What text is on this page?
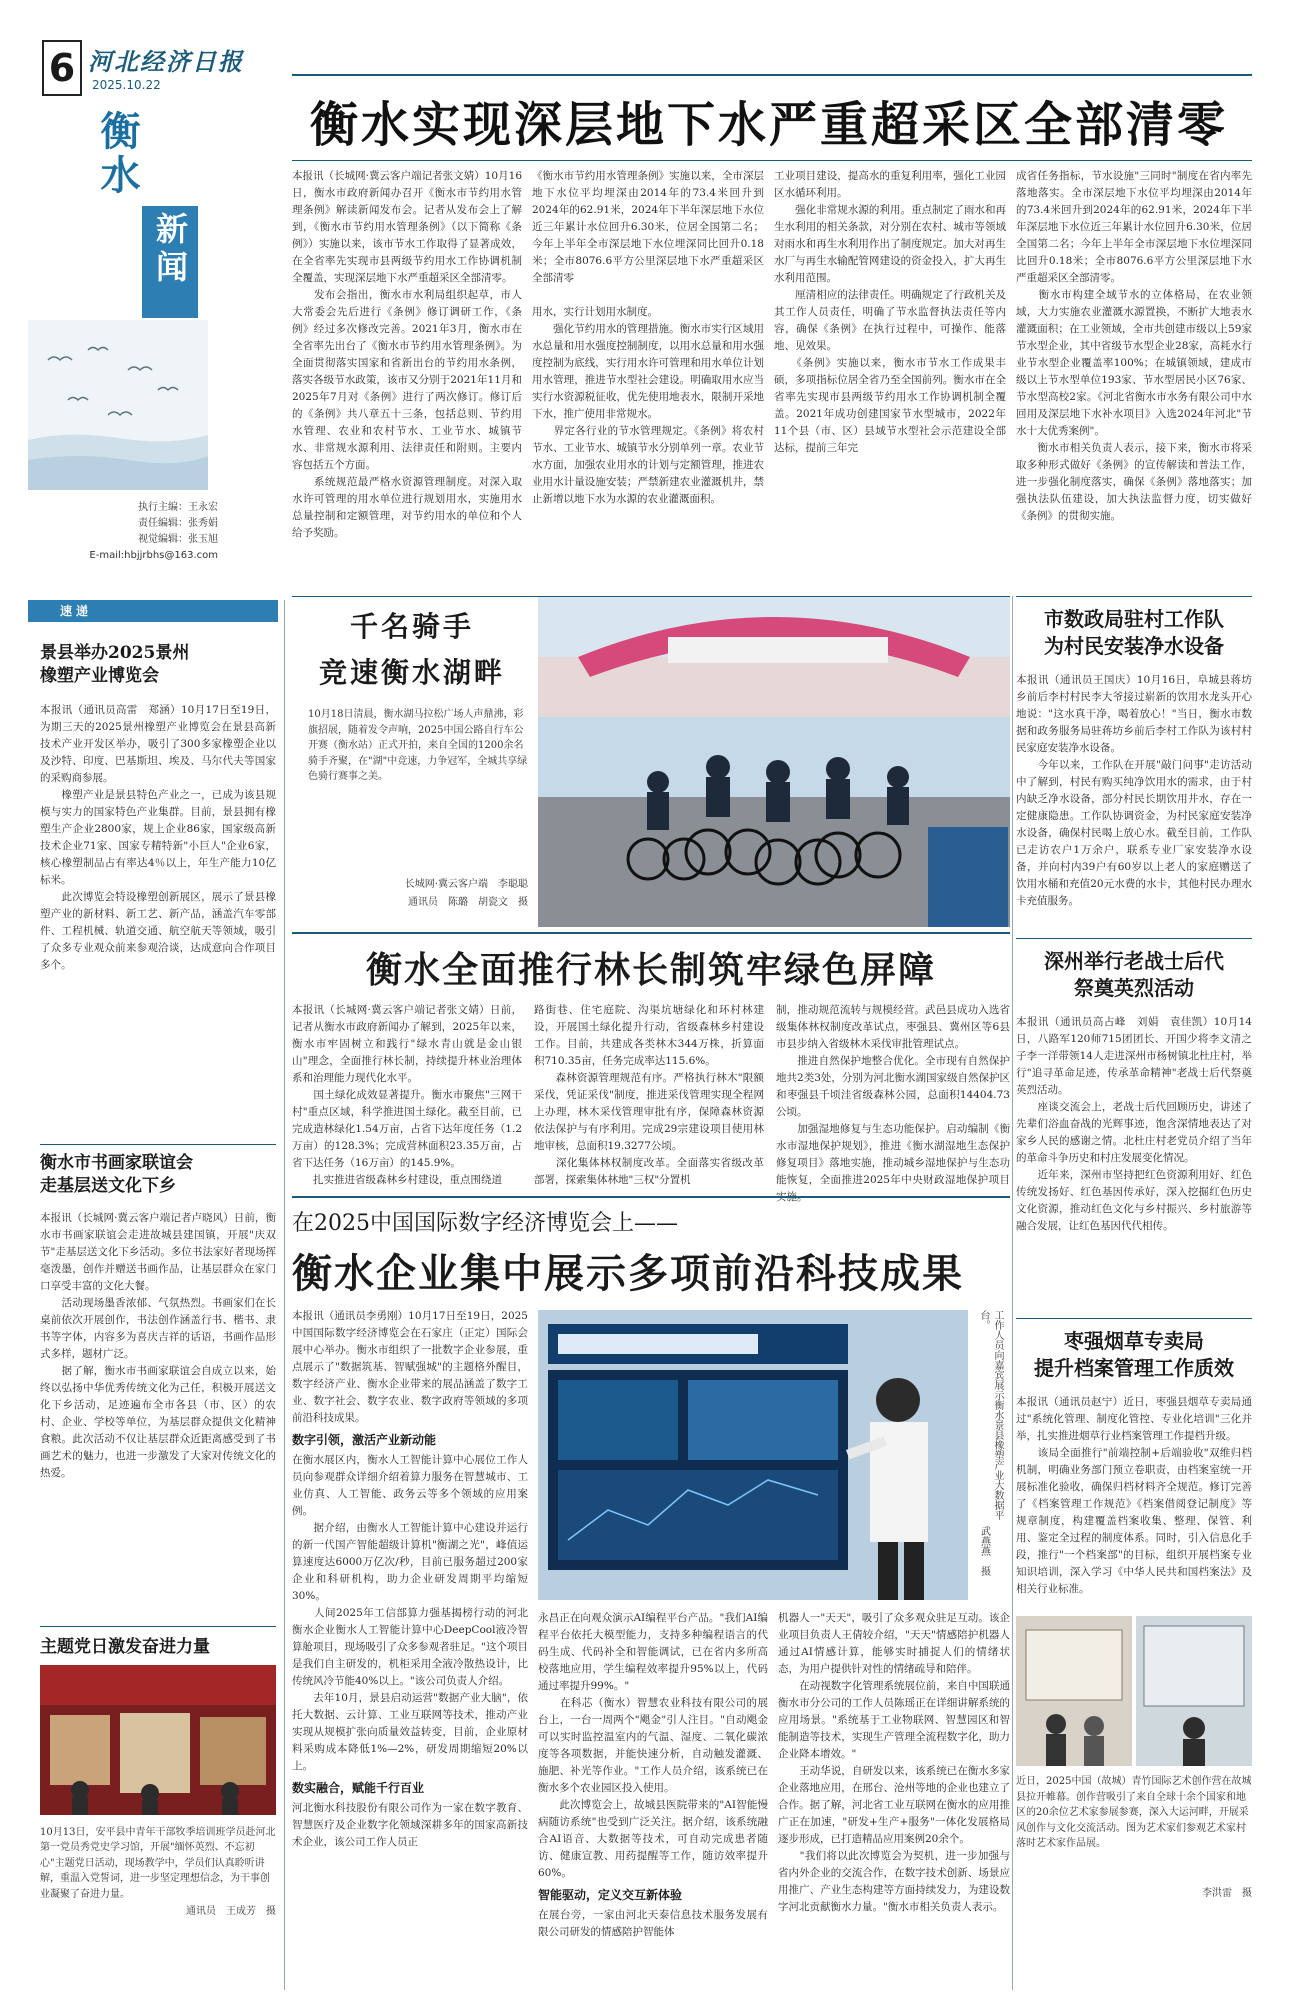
6 河北经济日报
2025.10.22
衡水
新闻
执行主编：王永宏
责任编辑：张秀娟
视觉编辑：张玉旭
E-mail:hbjjrbhs@163.com
速递

景县举办2025景州
橡塑产业博览会

本报讯（通讯员高雷　郑涵）10月17日至19日，为期三天的2025景州橡塑产业博览会在景县高新技术产业开发区举办，吸引了300多家橡塑企业以及沙特、印度、巴基斯坦、埃及、马尔代夫等国家的采购商参展。
　　橡塑产业是景县特色产业之一，已成为该县规模与实力的国家特色产业集群。目前，景县拥有橡塑生产企业2800家，规上企业86家，国家级高新技术企业71家、国家专精特新"小巨人"企业6家，核心橡塑制品占有率达4％以上，年生产能力10亿标米。
　　此次博览会特设橡塑创新展区，展示了景县橡塑产业的新材料、新工艺、新产品，涵盖汽车零部件、工程机械、轨道交通、航空航天等领域，吸引了众多专业观众前来参观洽谈，达成意向合作项目多个。

衡水市书画家联谊会
走基层送文化下乡

本报讯（长城网·冀云客户端记者卢晓风）日前，衡水市书画家联谊会走进故城县建国镇，开展"庆双节"走基层送文化下乡活动。多位书法家好者现场挥毫泼墨，创作并赠送书画作品，让基层群众在家门口享受丰富的文化大餐。
　　活动现场墨香浓郁、气氛热烈。书画家们在长桌前依次开展创作，书法创作涵盖行书、楷书、隶书等字体，内容多为喜庆吉祥的话语，书画作品形式多样，题材广泛。
　　据了解，衡水市书画家联谊会自成立以来，始终以弘扬中华优秀传统文化为己任，积极开展送文化下乡活动，足迹遍布全市各县（市、区）的农村、企业、学校等单位，为基层群众提供文化精神食粮。此次活动不仅让基层群众近距离感受到了书画艺术的魅力，也进一步激发了大家对传统文化的热爱。

主题党日激发奋进力量

10月13日，安平县中青年干部牧季培训班学员赴河北第一党员秀党史学习馆，开展"缅怀英烈、不忘初心"主题党日活动，现场教学中，学员们认真聆听讲解，重温入党誓词，进一步坚定理想信念，为干事创业凝聚了奋进力量。

通讯员　王成芳　摄

衡水实现深层地下水严重超采区全部清零

本报讯（长城网·冀云客户端记者张文婧）10月16日，衡水市政府新闻办召开《衡水市节约用水管理条例》解读新闻发布会。记者从发布会上了解到，《衡水市节约用水管理条例》（以下简称《条例》）实施以来，该市节水工作取得了显著成效，在全省率先实现市县两级节约用水工作协调机制全覆盖，实现深层地下水严重超采区全部清零。
　　发布会指出，衡水市水利局组织起草，市人大常委会先后进行《条例》修订调研工作，《条例》经过多次修改完善。2021年3月，衡水市在全省率先出台了《衡水市节约用水管理条例》。为全面贯彻落实国家和省新出台的节约用水条例，落实各级节水政策，该市又分别于2021年11月和2025年7月对《条例》进行了两次修订。修订后的《条例》共八章五十三条，包括总则、节约用水管理、农业和农村节水、工业节水、城镇节水、非常规水源利用、法律责任和附则。主要内容包括五个方面。
　　系统规范最严格水资源管理制度。对深入取水许可管理的用水单位进行规划用水，实施用水总量控制和定额管理，对节约用水的单位和个人给予奖励。

《衡水市节约用水管理条例》实施以来，全市深层地下水位平均埋深由2014年的73.4米回升到2024年的62.91米，2024年下半年深层地下水位近三年累计水位回升6.30米，位居全国第二名；今年上半年全市深层地下水位埋深同比回升0.18米；全市8076.6平方公里深层地下水严重超采区全部清零

用水，实行计划用水制度。
　　强化节约用水的管理措施。衡水市实行区域用水总量和用水强度控制制度，以用水总量和用水强度控制为底线，实行用水许可管理和用水单位计划用水管理，推进节水型社会建设。明确取用水应当实行水资源税征收，优先使用地表水，限制开采地下水，推广使用非常规水。
　　界定各行业的节水管理规定。《条例》将农村节水、工业节水、城镇节水分别单列一章。农业节水方面，加强农业用水的计划与定额管理，推进农业用水计量设施安装；严禁新建农业灌溉机井，禁止新增以地下水为水源的农业灌溉面积。

工业项目建设，提高水的重复利用率，强化工业园区水循环利用。
　　强化非常规水源的利用。重点制定了雨水和再生水利用的相关条款，对分别在农村、城市等领域对雨水和再生水利用作出了制度规定。加大对再生水厂与再生水输配管网建设的资金投入，扩大再生水利用范围。
　　厘清相应的法律责任。明确规定了行政机关及其工作人员责任，明确了节水监督执法责任等内容，确保《条例》在执行过程中，可操作、能落地、见效果。
　　《条例》实施以来，衡水市节水工作成果丰硕，多项指标位居全省乃至全国前列。衡水市在全省率先实现市县两级节约用水工作协调机制全覆盖。2021年成功创建国家节水型城市，2022年11个县（市、区）县域节水型社会示范建设全部达标，提前三年完

成省任务指标，节水设施"三同时"制度在省内率先落地落实。全市深层地下水位平均埋深由2014年的73.4米回升到2024年的62.91米，2024年下半年深层地下水位近三年累计水位回升6.30米，位居全国第二名；今年上半年全市深层地下水位埋深同比回升0.18米；全市8076.6平方公里深层地下水严重超采区全部清零。
　　衡水市构建全域节水的立体格局，在农业领域，大力实施农业灌溉水源置换，不断扩大地表水灌溉面积；在工业领域，全市共创建市级以上59家节水型企业，其中省级节水型企业28家，高耗水行业节水型企业覆盖率100%；在城镇领域，建成市级以上节水型单位193家、节水型居民小区76家、节水型高校2家。《河北省衡水市水务有限公司中水回用及深层地下水补水项目》入选2024年河北"节水十大优秀案例"。
　　衡水市相关负责人表示，接下来，衡水市将采取多种形式做好《条例》的宣传解读和普法工作，进一步强化制度落实，确保《条例》落地落实；加强执法队伍建设，加大执法监督力度，切实做好《条例》的贯彻实施。

千名骑手
竞速衡水湖畔

10月18日清晨，衡水湖马拉松广场人声鼎沸，彩旗招展，随着发令声响，2025中国公路自行车公开赛（衡水站）正式开拍，来自全国的1200余名骑手齐聚，在"湖"中竞速，力争冠军，全城共享绿色骑行赛事之美。

长城网·冀云客户端　李聪聪

通讯员　陈璐　胡瓷文　摄

市数政局驻村工作队
为村民安装净水设备

本报讯（通讯员王国庆）10月16日，阜城县蒋坊乡前后李村村民李大爷接过崭新的饮用水龙头开心地说："这水真干净，喝着放心！"当日，衡水市数据和政务服务局驻蒋坊乡前后李村工作队为该村村民家庭安装净水设备。
　　今年以来，工作队在开展"敲门问事"走访活动中了解到，村民有购买纯净饮用水的需求，由于村内缺乏净水设备，部分村民长期饮用井水，存在一定健康隐患。工作队协调资金，为村民家庭安装净水设备，确保村民喝上放心水。截至目前，工作队已走访农户1万余户，联系专业厂家安装净水设备，并向村内39户有60岁以上老人的家庭赠送了饮用水桶和充值20元水费的水卡，其他村民办理水卡充值服务。

深州举行老战士后代
祭奠英烈活动

本报讯（通讯员高占峰　刘娟　袁佳凯）10月14日，八路军120师715团团长、开国少将李文清之子李一洋带领14人走进深州市杨树镇北杜庄村，举行"追寻革命足迹，传承革命精神"老战士后代祭奠英烈活动。
　　座谈交流会上，老战士后代回顾历史，讲述了先辈们浴血奋战的光辉事迹，饱含深情地表达了对家乡人民的感谢之情。北杜庄村老党员介绍了当年的革命斗争历史和村庄发展变化情况。
　　近年来，深州市坚持把红色资源利用好、红色传统发扬好、红色基因传承好，深入挖掘红色历史文化资源，推动红色文化与乡村振兴、乡村旅游等融合发展，让红色基因代代相传。

枣强烟草专卖局
提升档案管理工作质效

本报讯（通讯员赵宁）近日，枣强县烟草专卖局通过"系统化管理、制度化管控、专业化培训"三化并举，扎实推进烟草行业档案管理工作提档升级。
　　该局全面推行"前端控制+后端验收"双维归档机制，明确业务部门预立卷职责，由档案室统一开展标准化验收，确保归档材料齐全规范。修订完善了《档案管理工作规范》《档案借阅登记制度》等规章制度，构建覆盖档案收集、整理、保管、利用、鉴定全过程的制度体系。同时，引入信息化手段，推行"一个档案部"的目标，组织开展档案专业知识培训，深入学习《中华人民共和国档案法》及相关行业标准。

近日，2025中国（故城）青竹国际艺术创作营在故城县拉开帷幕。创作营吸引了来自全球十余个国家和地区的20余位艺术家参展参赛，深入大运河畔，开展采风创作与文化交流活动。图为艺术家们参观艺术家村落时艺术家作品展。

李洪雷　摄

衡水全面推行林长制筑牢绿色屏障

本报讯（长城网·冀云客户端记者张文婧）日前，记者从衡水市政府新闻办了解到，2025年以来，衡水市牢固树立和践行"绿水青山就是金山银山"理念，全面推行林长制，持续提升林业治理体系和治理能力现代化水平。
　　国土绿化成效显著提升。衡水市聚焦"三网干村"重点区域，科学推进国土绿化。截至目前，已完成造林绿化1.54万亩，占省下达年度任务（1.2万亩）的128.3%；完成营林面积23.35万亩，占省下达任务（16万亩）的145.9%。
　　扎实推进省级森林乡村建设，重点围绕道

路街巷、住宅庭院、沟渠坑塘绿化和环村林建设，开展国土绿化提升行动，省级森林乡村建设工作。目前，共建成各类林木344万株，折算面积710.35亩，任务完成率达115.6%。
　　森林资源管理规范有序。严格执行林木"限额采伐，凭证采伐"制度，推进采伐管理实现全程网上办理，林木采伐管理审批有序，保障森林资源依法保护与有序利用。完成29宗建设项目使用林地审核，总面积19.3277公顷。
　　深化集体林权制度改革。全面落实省级改革部署，探索集体林地"三权"分置机

制，推动规范流转与规模经营。武邑县成功入选省级集体林权制度改革试点，枣强县、冀州区等6县市县步纳入省级林木采伐审批管理试点。
　　推进自然保护地整合优化。全市现有自然保护地共2类3处，分别为河北衡水湖国家级自然保护区和枣强县千顷洼省级森林公园，总面积14404.73公顷。
　　加强湿地修复与生态功能保护。启动编制《衡水市湿地保护规划》，推进《衡水湖湿地生态保护修复项目》落地实施，推动城乡湿地保护与生态功能恢复，全面推进2025年中央财政湿地保护项目实施。

在2025中国国际数字经济博览会上——
衡水企业集中展示多项前沿科技成果

本报讯（通讯员李勇刚）10月17日至19日，2025中国国际数字经济博览会在石家庄（正定）国际会展中心举办。衡水市组织了一批数字企业参展，重点展示了"数据筑基、智赋强城"的主题格外醒目，数字经济产业、衡水企业带来的展品涵盖了数字工业、数字社会、数字农业、数字政府等领域的多项前沿科技成果。

数字引领，激活产业新动能

在衡水展区内，衡水人工智能计算中心展位工作人员向参观群众详细介绍着算力服务在智慧城市、工业仿真、人工智能、政务云等多个领域的应用案例。
　　据介绍，由衡水人工智能计算中心建设并运行的新一代国产智能超级计算机"衡湖之光"，峰值运算速度达6000万亿次/秒，目前已服务超过200家企业和科研机构，助力企业研发周期平均缩短30%。
　　人间2025年工信部算力强基揭榜行动的河北衡水企业衡水人工智能计算中心DeepCool液冷智算舱项目，现场吸引了众多参观者驻足。"这个项目是我们自主研发的，机柜采用全液冷散热设计，比传统风冷节能40%以上。"该公司负责人介绍。
　　去年10月，景县启动运营"数据产业大脑"，依托大数据、云计算、工业互联网等技术，推动产业实现从规模扩张向质量效益转变，目前，企业原材料采购成本降低1%—2%，研发周期缩短20%以上。

数实融合，赋能千行百业

河北衡水科技股份有限公司作为一家在数字教育、智慧医疗及企业数字化领域深耕多年的国家高新技术企业，该公司工作人员正

工作人员向嘉宾展示衡水景县橡塑产业大数据平台。
武燕燕　摄

永昌正在向观众演示AI编程平台产品。"我们AI编程平台依托大模型能力，支持多种编程语言的代码生成、代码补全和智能调试，已在省内多所高校落地应用，学生编程效率提升95%以上，代码通过率提升99%。"
　　在科芯（衡水）智慧农业科技有限公司的展台上，一台一周两个"飓金"引人注目。"自动飓金可以实时监控温室内的气温、湿度、二氧化碳浓度等各项数据，并能快速分析，自动触发灌溉、施肥、补光等作业。"工作人员介绍，该系统已在衡水多个农业园区投入使用。
　　此次博览会上，故城县医院带来的"AI智能慢病随访系统"也受到广泛关注。据介绍，该系统融合AI语音、大数据等技术，可自动完成患者随访、健康宣教、用药提醒等工作，随访效率提升60%。

智能驱动，定义交互新体验

在展台旁，一家由河北天泰信息技术服务发展有限公司研发的情感陪护智能体

机器人一"天天"，吸引了众多观众驻足互动。该企业项目负责人王倩较介绍，"天天"情感陪护机器人通过AI情感计算，能够实时捕捉人们的情绪状态，为用户提供针对性的情绪疏导和陪伴。
　　在动视数字化管理系统展位前，来自中国联通衡水市分公司的工作人员陈瑶正在详细讲解系统的应用场景。"系统基于工业物联网、智慧园区和智能制造等技术，实现生产管理全流程数字化，助力企业降本增效。"
　　王动华说，自研发以来，该系统已在衡水多家企业落地应用，在邢台、沧州等地的企业也建立了合作。据了解，河北省工业互联网在衡水的应用推广正在加速，"研发+生产+服务"一体化发展格局逐步形成，已打造精品应用案例20余个。
　　"我们将以此次博览会为契机，进一步加强与省内外企业的交流合作，在数字技术创新、场景应用推广、产业生态构建等方面持续发力，为建设数字河北贡献衡水力量。"衡水市相关负责人表示。
